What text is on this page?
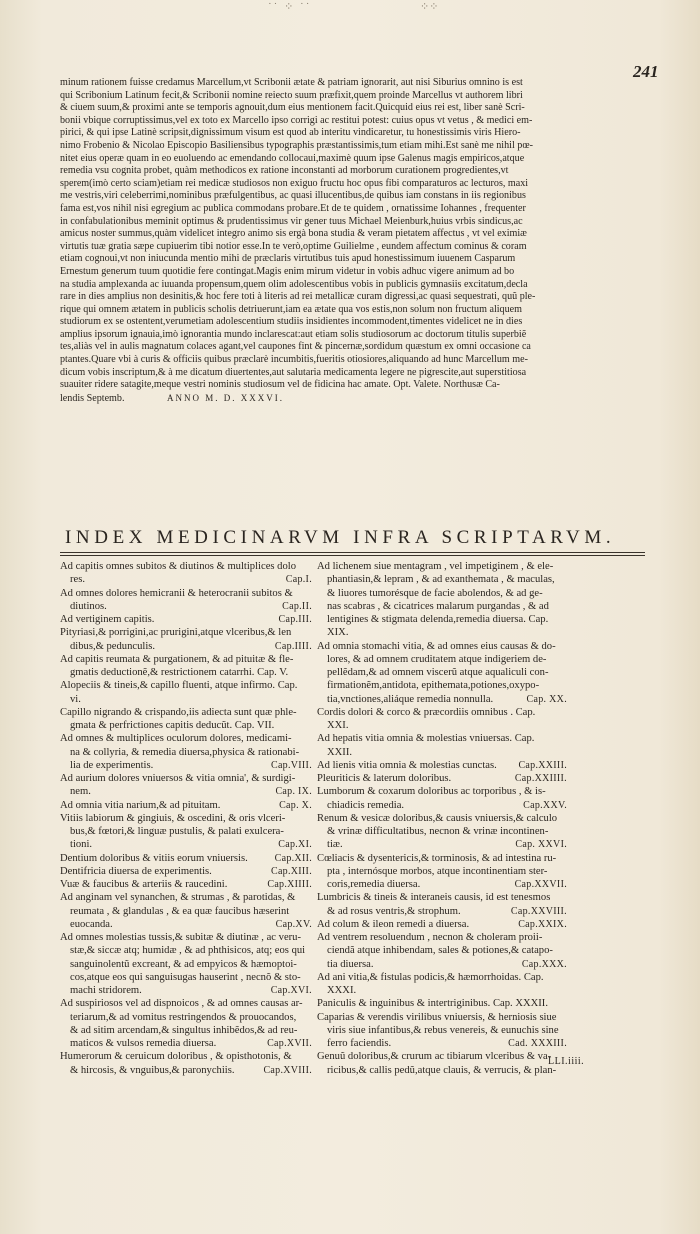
˙˙ ⁘ ˙˙	⁘⁘
241
minum rationem fuisse credamus Marcellum,vt Scribonii ætate & patriam ignorarit, aut nisi Siburius omnino is est
qui Scribonium Latinum fecit,& Scribonii nomine reiecto suum præfixit,quem proinde Marcellus vt authorem libri
& ciuem suum,& proximi ante se temporis agnouit,dum eius mentionem facit.Quicquid eius rei est, liber sanè Scri-
bonii vbique corruptissimus,vel ex toto ex Marcello ipso corrigi ac restitui potest: cuius opus vt vetus , & medici em-
pirici, & qui ipse Latinè scripsit,dignissimum visum est quod ab interitu vindicaretur, tu honestissimis viris Hiero-
nimo Frobenio & Nicolao Episcopio Basiliensibus typographis præstantissimis,tum etiam mihi.Est sanè me nihil pœ-
nitet eius operæ quam in eo euoluendo ac emendando collocaui,maximè quum ipse Galenus magis empiricos,atque
remedia vsu cognita probet, quàm methodicos ex ratione inconstanti ad morborum curationem progredientes,vt
sperem(imò certo sciam)etiam rei medicæ studiosos non exiguo fructu hoc opus fibi comparaturos ac lecturos, maxi
me vestris,viri celeberrimi,nominibus præfulgentibus, ac quasi illucentibus,de quibus iam constans in iis regionibus
fama est,vos nihil nisi egregium ac publica commodans probare.Et de te quidem , ornatissime Iohannes , frequenter
in confabulationibus meminit optimus & prudentissimus vir gener tuus Michael Meienburk,huius vrbis sindicus,ac
amicus noster summus,quàm videlicet integro animo sis ergà bona studia & veram pietatem affectus , vt vel eximiæ
virtutis tuæ gratia sæpe cupiuerim tibi notior esse.In te verò,optime Guilielme , eundem affectum cominus & coram
etiam cognoui,vt non iniucunda mentio mihi de præclaris virtutibus tuis apud honestissimum iuuenem Casparum
Ernestum generum tuum quotidie fere contingat.Magis enim mirum videtur in vobis adhuc vigere animum ad bo
na studia amplexanda ac iuuanda propensum,quem olim adolescentibus vobis in publicis gymnasiis excitatum,decla
rare in dies amplius non desinitis,& hoc fere toti à literis ad rei metallicæ curam digressi,ac quasi sequestrati, quũ ple-
rique qui omnem ætatem in publicis scholis detriuerunt,iam ea ætate qua vos estis,non solum non fructum aliquem
studiorum ex se ostentent,verumetiam adolescentium studiis insidientes incommodent,timentes videlicet ne in dies
amplius ipsorum ignauia,imò ignorantia mundo inclarescat:aut etiam solis studiosorum ac doctorum titulis superbiẽ
tes,aliàs vel in aulis magnatum colaces agant,vel caupones fint & pincernæ,sordidum quæstum ex omni occasione ca
ptantes.Quare vbi à curis & officiis quibus præclarè incumbitis,fueritis otiosiores,aliquando ad hunc Marcellum me-
dicum vobis inscriptum,& à me dicatum diuertentes,aut salutaria medicamenta legere ne pigrescite,aut superstitiosa
suauiter ridere satagite,meque vestri nominis studiosum vel de fidicina hac amate. Opt. Valete. Northusæ Ca-
lendis Septemb.	ANNO M. D. XXXVI.
INDEX MEDICINARVM INFRA SCRIPTARVM.
Ad capitis omnes subitos & diutinos & multiplices dolo
Cap.I.
res.
Ad omnes dolores hemicranii & heterocranii subitos &
Cap.II.
diutinos.
Cap.III.
Ad vertiginem capitis.
Pityriasi,& porrigini,ac prurigini,atque vlceribus,& len
Cap.IIII.
dibus,& pedunculis.
Ad capitis reumata & purgationem, & ad pituitæ & fle-
gmatis deductionẽ,& restrictionem catarrhi. Cap. V.
Alopeciis & tineis,& capillo fluenti, atque infirmo. Cap.
vi.
Capillo nigrando & crispando,iis adiecta sunt quæ phle-
gmata & perfrictiones capitis deducũt. Cap. VII.
Ad omnes & multiplices oculorum dolores, medicami-
na & collyria, & remedia diuersa,physica & rationabi-
Cap.VIII.
lia de experimentis.
Ad aurium dolores vniuersos & vitia omnia', & surdigi-
Cap. IX.
nem.
Cap. X.
Ad omnia vitia narium,& ad pituitam.
Vitiis labiorum & gingiuis, & oscedini, & oris vlceri-
bus,& fœtori,& linguæ pustulis, & palati exulcera-
Cap.XI.
tioni.
Cap.XII.
Dentium doloribus & vitiis eorum vniuersis.
Cap.XIII.
Dentifricia diuersa de experimentis.
Cap.XIIII.
Vuæ & faucibus & arteriis & raucedini.
Ad anginam vel synanchen, & strumas , & parotidas, &
reumata , & glandulas , & ea quæ faucibus hæserint
Cap.XV.
euocanda.
Ad omnes molestias tussis,& subitæ & diutinæ , ac veru-
stæ,& siccæ atq; humidæ , & ad phthisicos, atq; eos qui
sanguinolentũ excreant, & ad empyicos & hæmoptoi-
cos,atque eos qui sanguisugas hauserint , necnõ & sto-
Cap.XVI.
machi stridorem.
Ad suspiriosos vel ad dispnoicos , & ad omnes causas ar-
teriarum,& ad vomitus restringendos & prouocandos,
& ad sitim arcendam,& singultus inhibẽdos,& ad reu-
Cap.XVII.
maticos & vulsos remedia diuersa.
Humerorum & ceruicum doloribus , & opisthotonis, &
Cap.XVIII.
& hircosis, & vnguibus,& paronychiis.
Ad lichenem siue mentagram , vel impetiginem , & ele-
phantiasin,& lepram , & ad exanthemata , & maculas,
& liuores tumorésque de facie abolendos, & ad ge-
nas scabras , & cicatrices malarum purgandas , & ad
lentigines & stigmata delenda,remedia diuersa. Cap.
XIX.
Ad omnia stomachi vitia, & ad omnes eius causas & do-
lores, & ad omnem cruditatem atque indigeriem de-
pellẽdam,& ad omnem viscerũ atque aqualiculi con-
firmationẽm,antidota, epithemata,potiones,oxypo-
Cap. XX.
tia,vnctiones,aliáque remedia nonnulla.
Cordis dolori & corco & præcordiis omnibus . Cap.
XXI.
Ad hepatis vitia omnia & molestias vniuersas. Cap.
XXII.
Cap.XXIII.
Ad lienis vitia omnia & molestias cunctas.
Cap.XXIIII.
Pleuriticis & laterum doloribus.
Lumborum & coxarum doloribus ac torporibus , & is-
Cap.XXV.
chiadicis remedia.
Renum & vesicæ doloribus,& causis vniuersis,& calculo
& vrinæ difficultatibus, necnon & vrinæ incontinen-
Cap. XXVI.
tiæ.
Cœliacis & dysentericis,& torminosis, & ad intestina ru-
pta , internósque morbos, atque incontinentiam ster-
Cap.XXVII.
coris,remedia diuersa.
Lumbricis & tineis & interaneis causis, id est tenesmos
Cap.XXVIII.
& ad rosus ventris,& strophum.
Cap.XXIX.
Ad colum & ileon remedi a diuersa.
Ad ventrem resoluendum , necnon & choleram proii-
ciendã atque inhibendam, sales & potiones,& catapo-
Cap.XXX.
tia diuersa.
Ad ani vitia,& fistulas podicis,& hæmorrhoidas. Cap.
XXXI.
Paniculis & inguinibus & intertriginibus. Cap. XXXII.
Caparias & verendis virilibus vniuersis, & herniosis siue
viris siue infantibus,& rebus venereis, & eunuchis sine
Cad. XXXIII.
ferro faciendis.
Genuũ doloribus,& crurum ac tibiarum vlceribus & va-
ricibus,& callis pedũ,atque clauis, & verrucis, & plan-
LLI.iiii.
